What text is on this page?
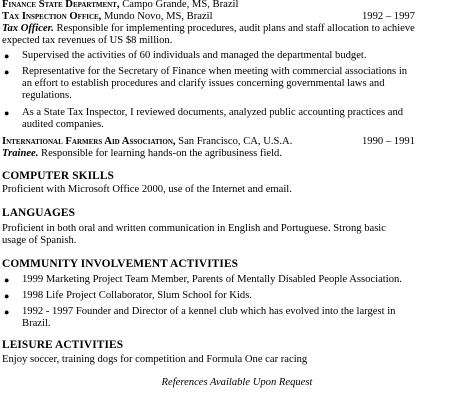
Finance State Department, Campo Grande, MS, Brazil
Tax Inspection Office, Mundo Novo, MS, Brazil	1992 – 1997
Tax Officer. Responsible for implementing procedures, audit plans and staff allocation to achieve
expected tax revenues of US $8 million.
● Supervised the activities of 60 individuals and managed the departmental budget.
● Representative for the Secretary of Finance when meeting with commercial associations in
an effort to establish procedures and clarify issues concerning governmental laws and
regulations.
● As a State Tax Inspector, I reviewed documents, analyzed public accounting practices and
audited companies.
International Farmers Aid Association, San Francisco, CA, U.S.A.	1990 – 1991
Trainee. Responsible for learning hands-on the agribusiness field.
COMPUTER SKILLS
Proficient with Microsoft Office 2000, use of the Internet and email.
LANGUAGES
Proficient in both oral and written communication in English and Portuguese. Strong basic
usage of Spanish.
COMMUNITY INVOLVEMENT ACTIVITIES
● 1999 Marketing Project Team Member, Parents of Mentally Disabled People Association.
● 1998 Life Project Collaborator, Slum School for Kids.
● 1992 - 1997 Founder and Director of a kennel club which has evolved into the largest in
Brazil.
LEISURE ACTIVITIES
Enjoy soccer, training dogs for competition and Formula One car racing
References Available Upon Request
